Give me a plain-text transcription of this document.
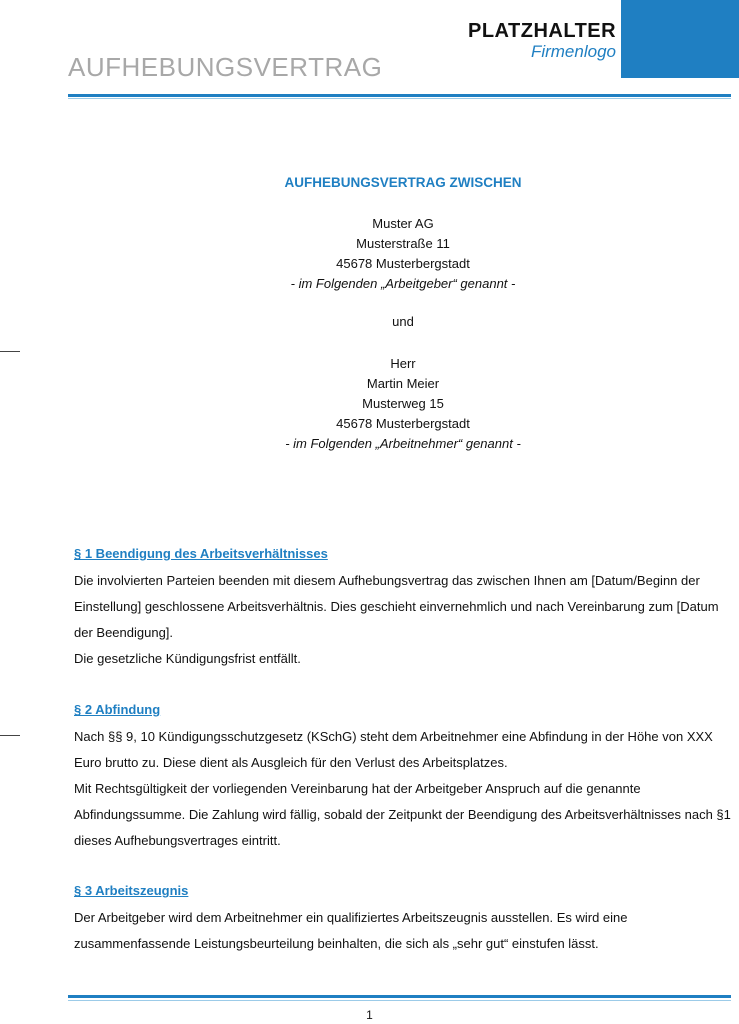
AUFHEBUNGSVERTRAG
PLATZHALTER
Firmenlogo
AUFHEBUNGSVERTRAG ZWISCHEN
Muster AG
Musterstraße 11
45678 Musterbergstadt
- im Folgenden „Arbeitgeber“ genannt -
und
Herr
Martin Meier
Musterweg 15
45678 Musterbergstadt
- im Folgenden „Arbeitnehmer“ genannt -
§ 1 Beendigung des Arbeitsverhältnisses

Die involvierten Parteien beenden mit diesem Aufhebungsvertrag das zwischen Ihnen am [Datum/Beginn der Einstellung] geschlossene Arbeitsverhältnis. Dies geschieht einvernehmlich und nach Vereinbarung zum [Datum der Beendigung].

Die gesetzliche Kündigungsfrist entfällt.

§ 2 Abfindung

Nach §§ 9, 10 Kündigungsschutzgesetz (KSchG) steht dem Arbeitnehmer eine Abfindung in der Höhe von XXX Euro brutto zu. Diese dient als Ausgleich für den Verlust des Arbeitsplatzes.

Mit Rechtsgültigkeit der vorliegenden Vereinbarung hat der Arbeitgeber Anspruch auf die genannte Abfindungssumme. Die Zahlung wird fällig, sobald der Zeitpunkt der Beendigung des Arbeitsverhältnisses nach §1 dieses Aufhebungsvertrages eintritt.

§ 3 Arbeitszeugnis

Der Arbeitgeber wird dem Arbeitnehmer ein qualifiziertes Arbeitszeugnis ausstellen. Es wird eine zusammenfassende Leistungsbeurteilung beinhalten, die sich als „sehr gut“ einstufen lässt.

1
